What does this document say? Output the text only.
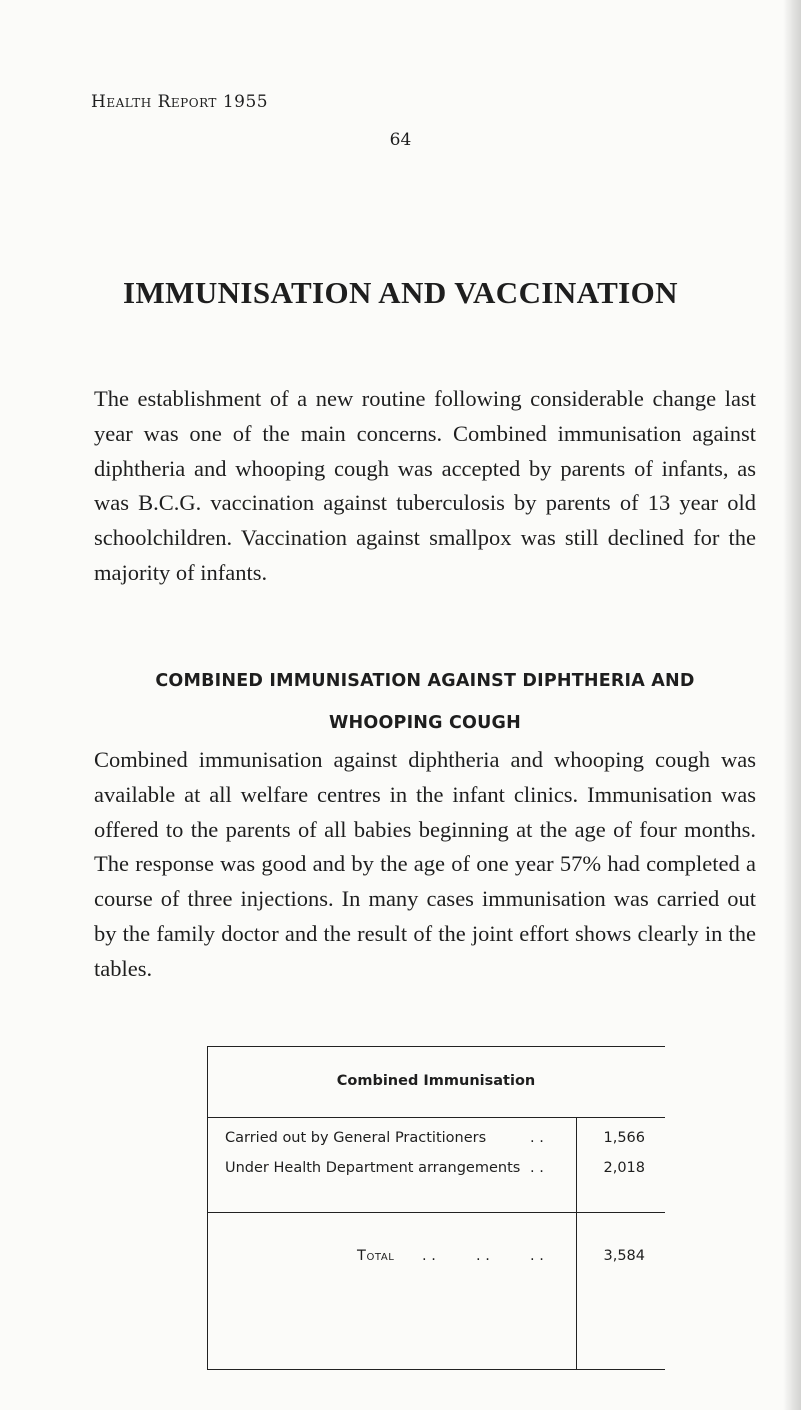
Health Report 1955
64
IMMUNISATION AND VACCINATION

The establishment of a new routine following considerable change last year was one of the main concerns. Combined immunisation against diphtheria and whooping cough was accepted by parents of infants, as was B.C.G. vaccination against tuberculosis by parents of 13 year old schoolchildren. Vaccination against smallpox was still declined for the majority of infants.

COMBINED IMMUNISATION AGAINST DIPHTHERIA AND
WHOOPING COUGH

Combined immunisation against diphtheria and whooping cough was available at all welfare centres in the infant clinics. Immunisation was offered to the parents of all babies beginning at the age of four months. The response was good and by the age of one year 57% had completed a course of three injections. In many cases immunisation was carried out by the family doctor and the result of the joint effort shows clearly in the tables.

Combined Immunisation
Carried out by General Practitioners	. .	1,566
Under Health Department arrangements . .	2,018
Total . .	. .	. .	3,584
